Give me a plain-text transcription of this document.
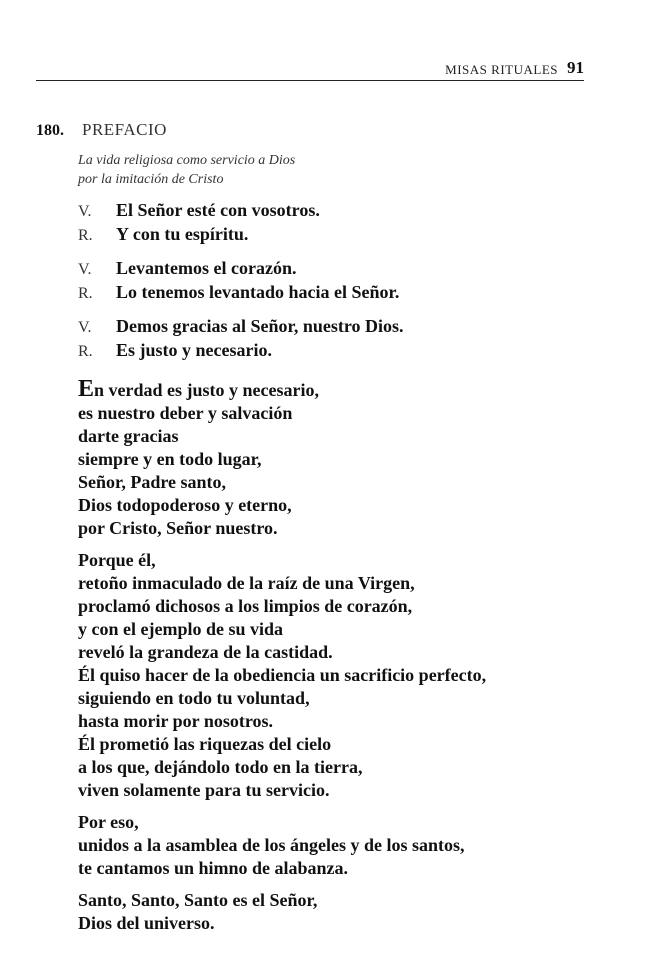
MISAS RITUALES 91
180. PREFACIO
La vida religiosa como servicio a Dios
por la imitación de Cristo
V. El Señor esté con vosotros.
R. Y con tu espíritu.
V. Levantemos el corazón.
R. Lo tenemos levantado hacia el Señor.
V. Demos gracias al Señor, nuestro Dios.
R. Es justo y necesario.
En verdad es justo y necesario,
es nuestro deber y salvación
darte gracias
siempre y en todo lugar,
Señor, Padre santo,
Dios todopoderoso y eterno,
por Cristo, Señor nuestro.
Porque él,
retoño inmaculado de la raíz de una Virgen,
proclamó dichosos a los limpios de corazón,
y con el ejemplo de su vida
reveló la grandeza de la castidad.
Él quiso hacer de la obediencia un sacrificio perfecto,
siguiendo en todo tu voluntad,
hasta morir por nosotros.
Él prometió las riquezas del cielo
a los que, dejándolo todo en la tierra,
viven solamente para tu servicio.
Por eso,
unidos a la asamblea de los ángeles y de los santos,
te cantamos un himno de alabanza.
Santo, Santo, Santo es el Señor,
Dios del universo.
